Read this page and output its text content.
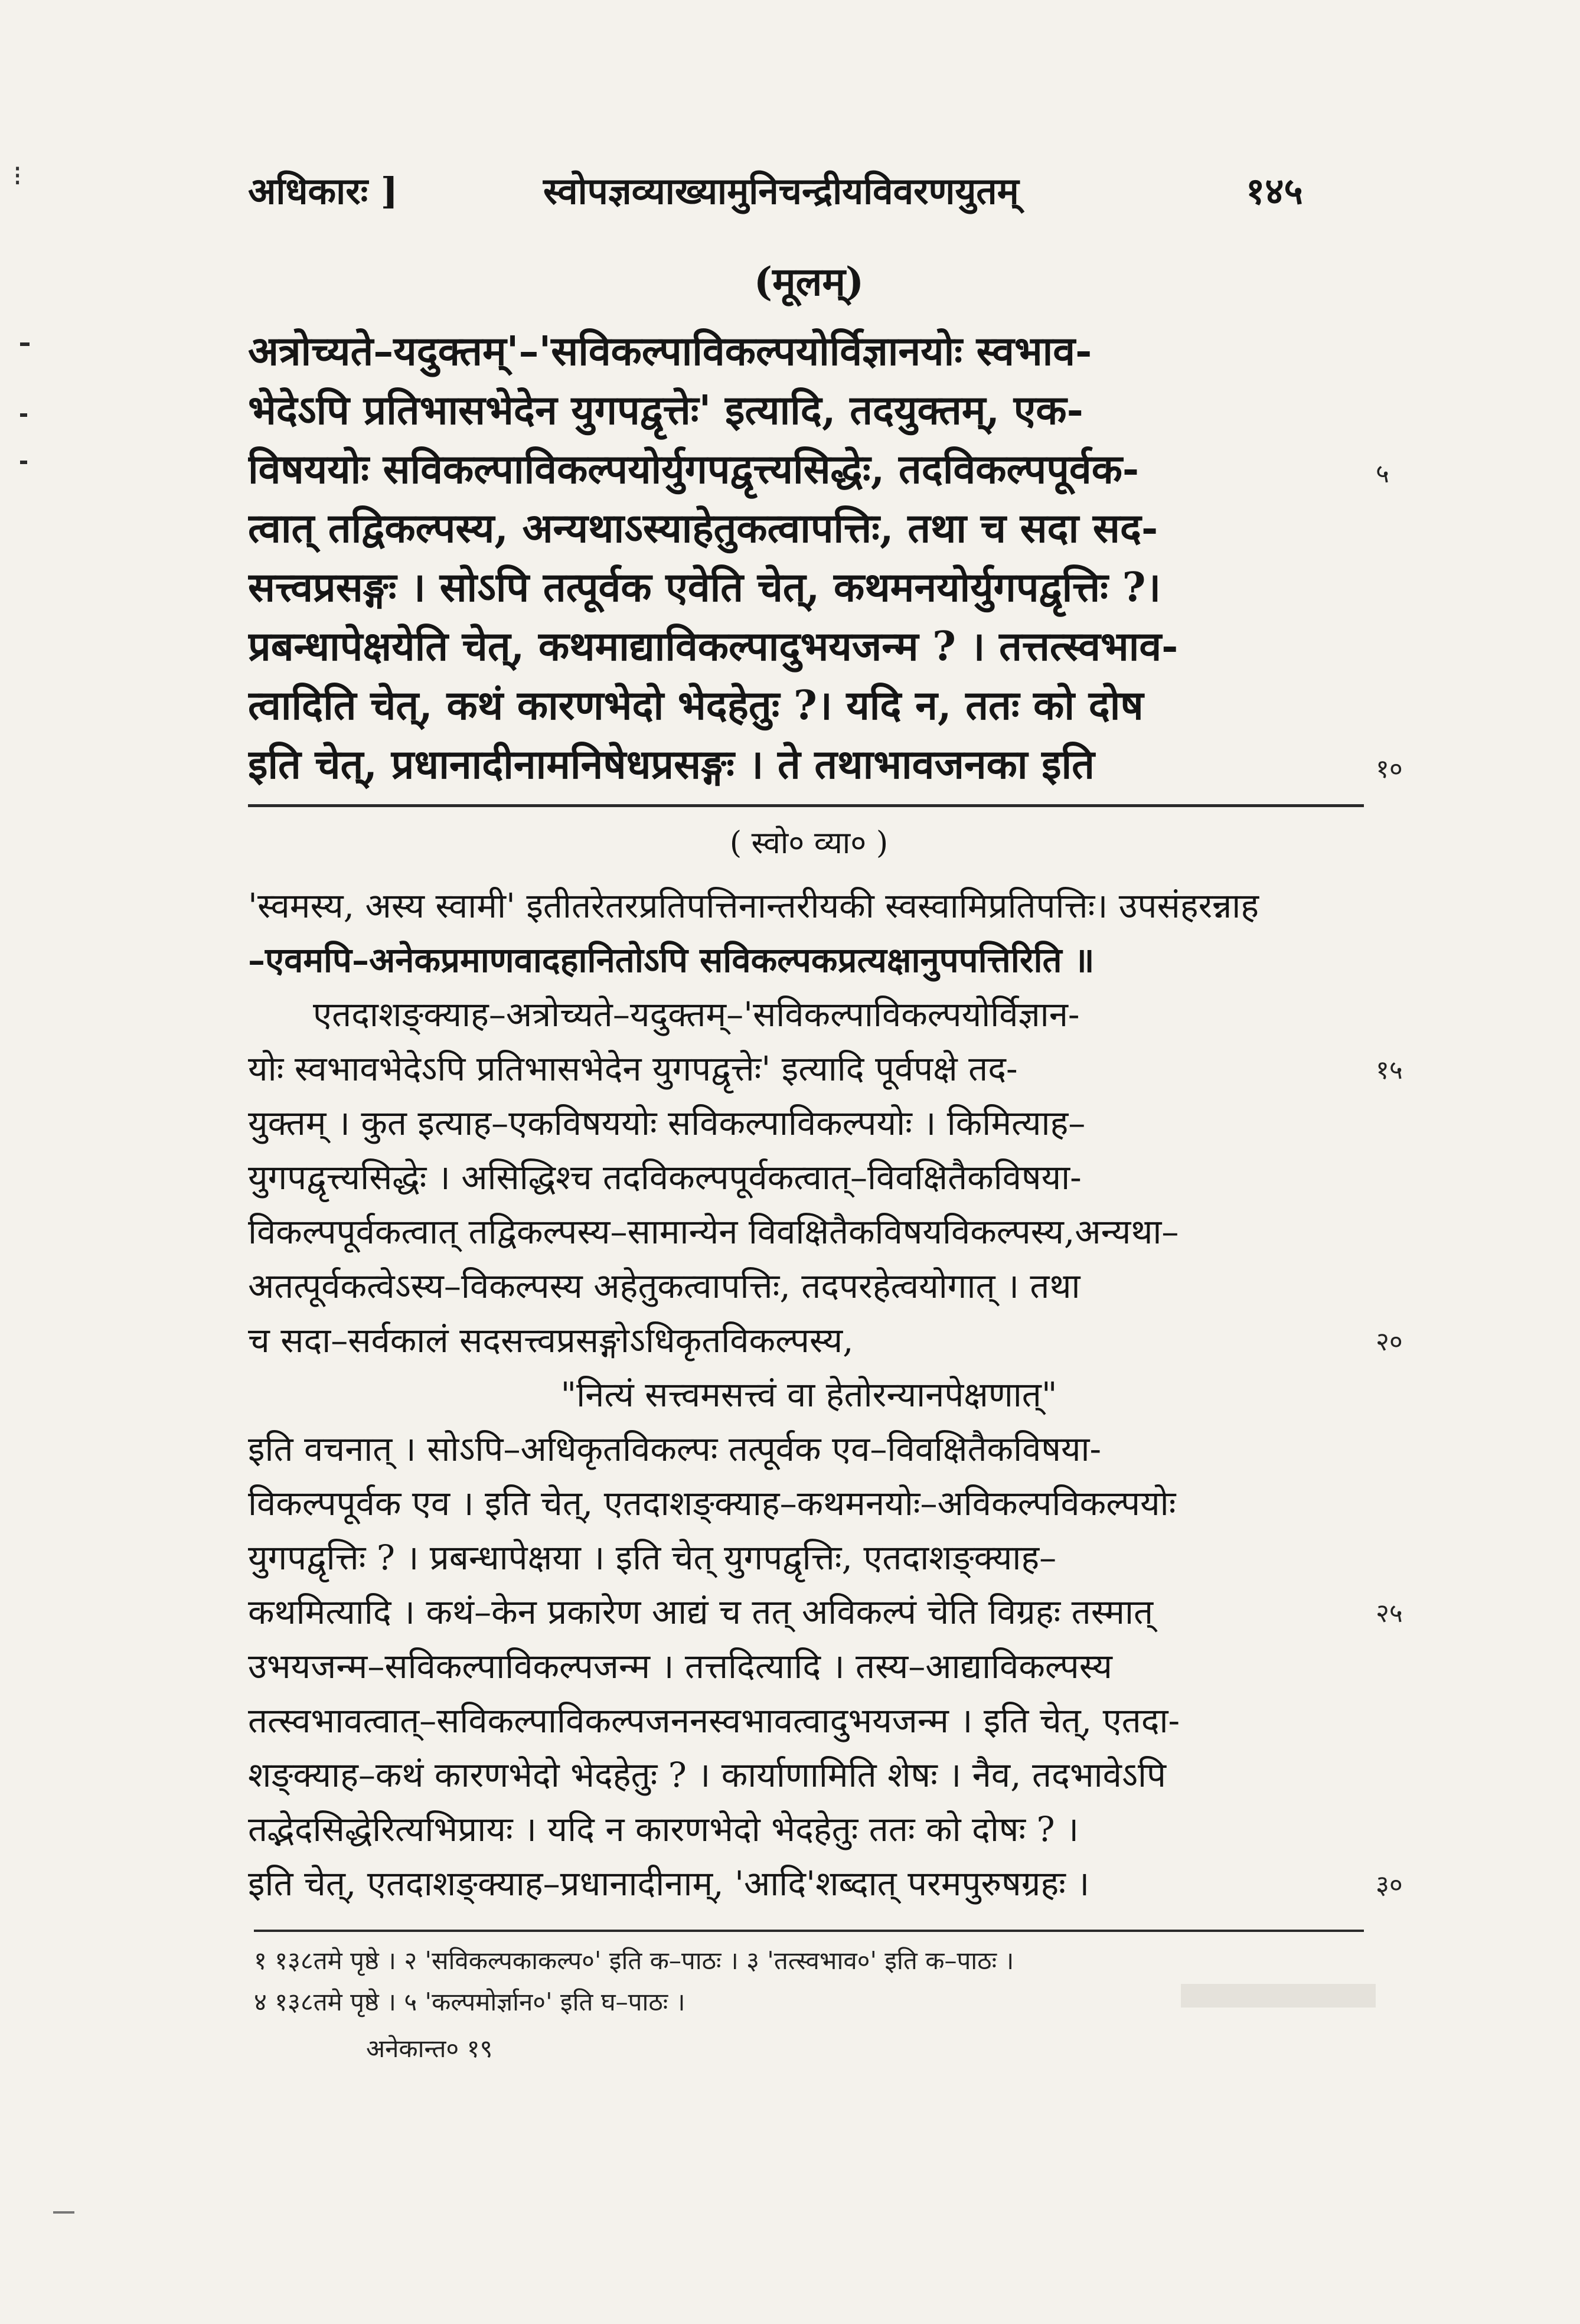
⁝	अधिकारः ]	स्वोपज्ञव्याख्यामुनिचन्द्रीयविवरणयुतम्	१४५
(मूलम्)
अत्रोच्यते–यदुक्तम्‌'–'सविकल्पाविकल्पयोर्विज्ञानयोः स्वभाव-
भेदेऽपि प्रतिभासभेदेन युगपद्वृत्तेः' इत्यादि, तदयुक्तम्, एक-
विषययोः सविकल्पाविकल्पयोर्युगपद्वृत्त्यसिद्धेः, तदविकल्पपूर्वक-
त्वात् तद्विकल्पस्य, अन्यथाऽस्याहेतुकत्वापत्तिः, तथा च सदा सद-
सत्त्वप्रसङ्गः । सोऽपि तत्पूर्वक एवेति चेत्, कथमनयोर्युगपद्वृत्तिः ?।
प्रबन्धापेक्षयेति चेत्, कथमाद्याविकल्पादुभयजन्म ? । तत्तत्स्वभाव-
त्वादिति चेत्, कथं कारणभेदो भेदहेतुः ?। यदि न, ततः को दोष
इति चेत्, प्रधानादीनामनिषेधप्रसङ्गः । ते तथाभावजनका इति
५
१०
( स्वो० व्या० )
'स्वमस्य, अस्य स्वामी' इतीतरेतरप्रतिपत्तिनान्तरीयकी स्वस्वामिप्रतिपत्तिः। उपसंहरन्नाह
–एवमपि–अनेकप्रमाणवादहानितोऽपि सविकल्पकप्रत्यक्षानुपपत्तिरिति ॥
एतदाशङ्क्याह–अत्रोच्यते–यदुक्तम्–'सविकल्पाविकल्पयोर्विज्ञान-
योः स्वभावभेदेऽपि प्रतिभासभेदेन युगपद्वृत्तेः' इत्यादि पूर्वपक्षे तद-
युक्तम् । कुत इत्याह–एकविषययोः सविकल्पाविकल्पयोः । किमित्याह–
युगपद्वृत्त्यसिद्धेः । असिद्धिश्च तदविकल्पपूर्वकत्वात्–विवक्षितैकविषया-
विकल्पपूर्वकत्वात् तद्विकल्पस्य–सामान्येन विवक्षितैकविषयविकल्पस्य,अन्यथा–
अतत्पूर्वकत्वेऽस्य–विकल्पस्य अहेतुकत्वापत्तिः, तदपरहेत्वयोगात् । तथा
च सदा–सर्वकालं सदसत्त्वप्रसङ्गोऽधिकृतविकल्पस्य,
"नित्यं सत्त्वमसत्त्वं वा हेतोरन्यानपेक्षणात्"
इति वचनात् । सोऽपि–अधिकृतविकल्पः तत्पूर्वक एव–विवक्षितैकविषया-
विकल्पपूर्वक एव । इति चेत्, एतदाशङ्क्याह–कथमनयोः–अविकल्पविकल्पयोः
युगपद्वृत्तिः ? । प्रबन्धापेक्षया । इति चेत् युगपद्वृत्तिः, एतदाशङ्क्याह–
कथमित्यादि । कथं–केन प्रकारेण आद्यं च तत् अविकल्पं चेति विग्रहः तस्मात्
उभयजन्म–सविकल्पाविकल्पजन्म । तत्तदित्यादि । तस्य–आद्याविकल्पस्य
तत्स्वभावत्वात्–सविकल्पाविकल्पजननस्वभावत्वादुभयजन्म । इति चेत्, एतदा-
शङ्क्याह–कथं कारणभेदो भेदहेतुः ? । कार्याणामिति शेषः । नैव, तदभावेऽपि
तद्भेदसिद्धेरित्यभिप्रायः । यदि न कारणभेदो भेदहेतुः ततः को दोषः ? ।
इति चेत्, एतदाशङ्क्याह–प्रधानादीनाम्, 'आदि'शब्दात् परमपुरुषग्रहः ।
१५
२०
२५
३०
१ १३८तमे पृष्ठे । २ 'सविकल्पकाकल्प०' इति क–पाठः । ३ 'तत्स्वभाव०' इति क–पाठः ।
४ १३८तमे पृष्ठे । ५ 'कल्पमोर्ज्ञान०' इति घ–पाठः ।
अनेकान्त० १९
